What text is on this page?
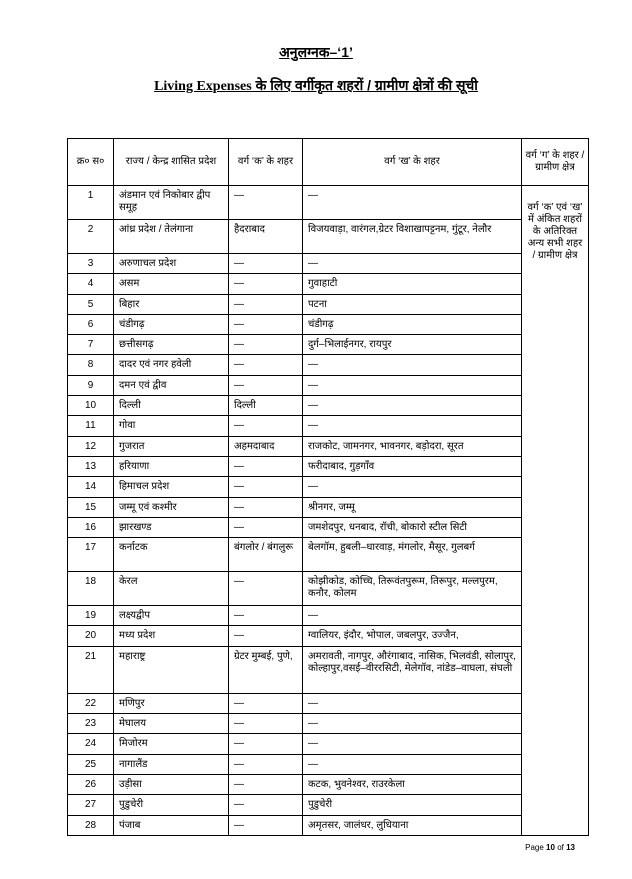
अनुलग्नक–‘1’
Living Expenses के लिए वर्गीकृत शहरों / ग्रामीण क्षेत्रों की सूची
क्र० स०	राज्य / केन्द्र शासित प्रदेश	वर्ग ‘क’ के शहर	वर्ग ‘ख’ के शहर	वर्ग ‘ग’ के शहर / ग्रामीण क्षेत्र
1	अंडमान एवं निकोबार द्वीप समूह	—	—	वर्ग ‘क’ एवं ‘ख’ में अंकित शहरों के अतिरिक्त अन्य सभी शहर / ग्रामीण क्षेत्र
2	आंध्र प्रदेश / तेलंगाना	हैदराबाद	विजयवाड़ा, वारंगल,ग्रेटर विशाखापट्टनम, गुंटूर, नेलौर	
3	अरुणाचल प्रदेश	—	—	
4	असम	—	गुवाहाटी	
5	बिहार	—	पटना	
6	चंडीगढ़	—	चंडीगढ़	
7	छत्तीसगढ़	—	दुर्ग–भिलाईनगर, रायपुर	
8	दादर एवं नगर हवेली	—	—	
9	दमन एवं द्वीव	—	—	
10	दिल्ली	दिल्ली	—	
11	गोवा	—	—	
12	गुजरात	अहमदाबाद	राजकोट, जामनगर, भावनगर, बड़ोदरा, सूरत	
13	हरियाणा	—	फरीदाबाद, गुड़गाँव	
14	हिमाचल प्रदेश	—	—	
15	जम्मू एवं कश्मीर	—	श्रीनगर, जम्मू	
16	झारखण्ड	—	जमशेदपुर, धनबाद, रॉची, बोकारो स्टील सिटी	
17	कर्नाटक	बंगलोर / बंगलुरू	बेलगॉम, हुबली–धारवाड़, मंगलोर, मैसूर, गुलबर्ग	
18	केरल	—	कोझीकोड, कोच्चि, तिरूवंतपुरूम, तिरूपुर, मल्लपुरम, कनौर, कोलम	
19	लक्ष्यद्वीप	—	—	
20	मध्य प्रदेश	—	ग्वालियर, इंदौर, भोपाल, जबलपुर, उज्जैन,	
21	महाराष्ट्र	ग्रेटर मुम्बई, पुणे,	अमरावती, नागपुर, औरंगाबाद, नासिक, भिलवंडी, सोलापुर, कोल्हापुर,वसई–वीररसिटी, मेलेगॉव, नांडेड–वाघला, संघली	
22	मणिपुर	—	—	
23	मेघालय	—	—	
24	मिजोरम	—	—	
25	नागालैंड	—	—	
26	उड़ीसा	—	कटक, भुवनेश्वर, राउरकेला	
27	पुडुचेरी	—	पुडुचेरी	
28	पंजाब	—	अमृतसर, जालंधर, लुधियाना	
Page 10 of 13
